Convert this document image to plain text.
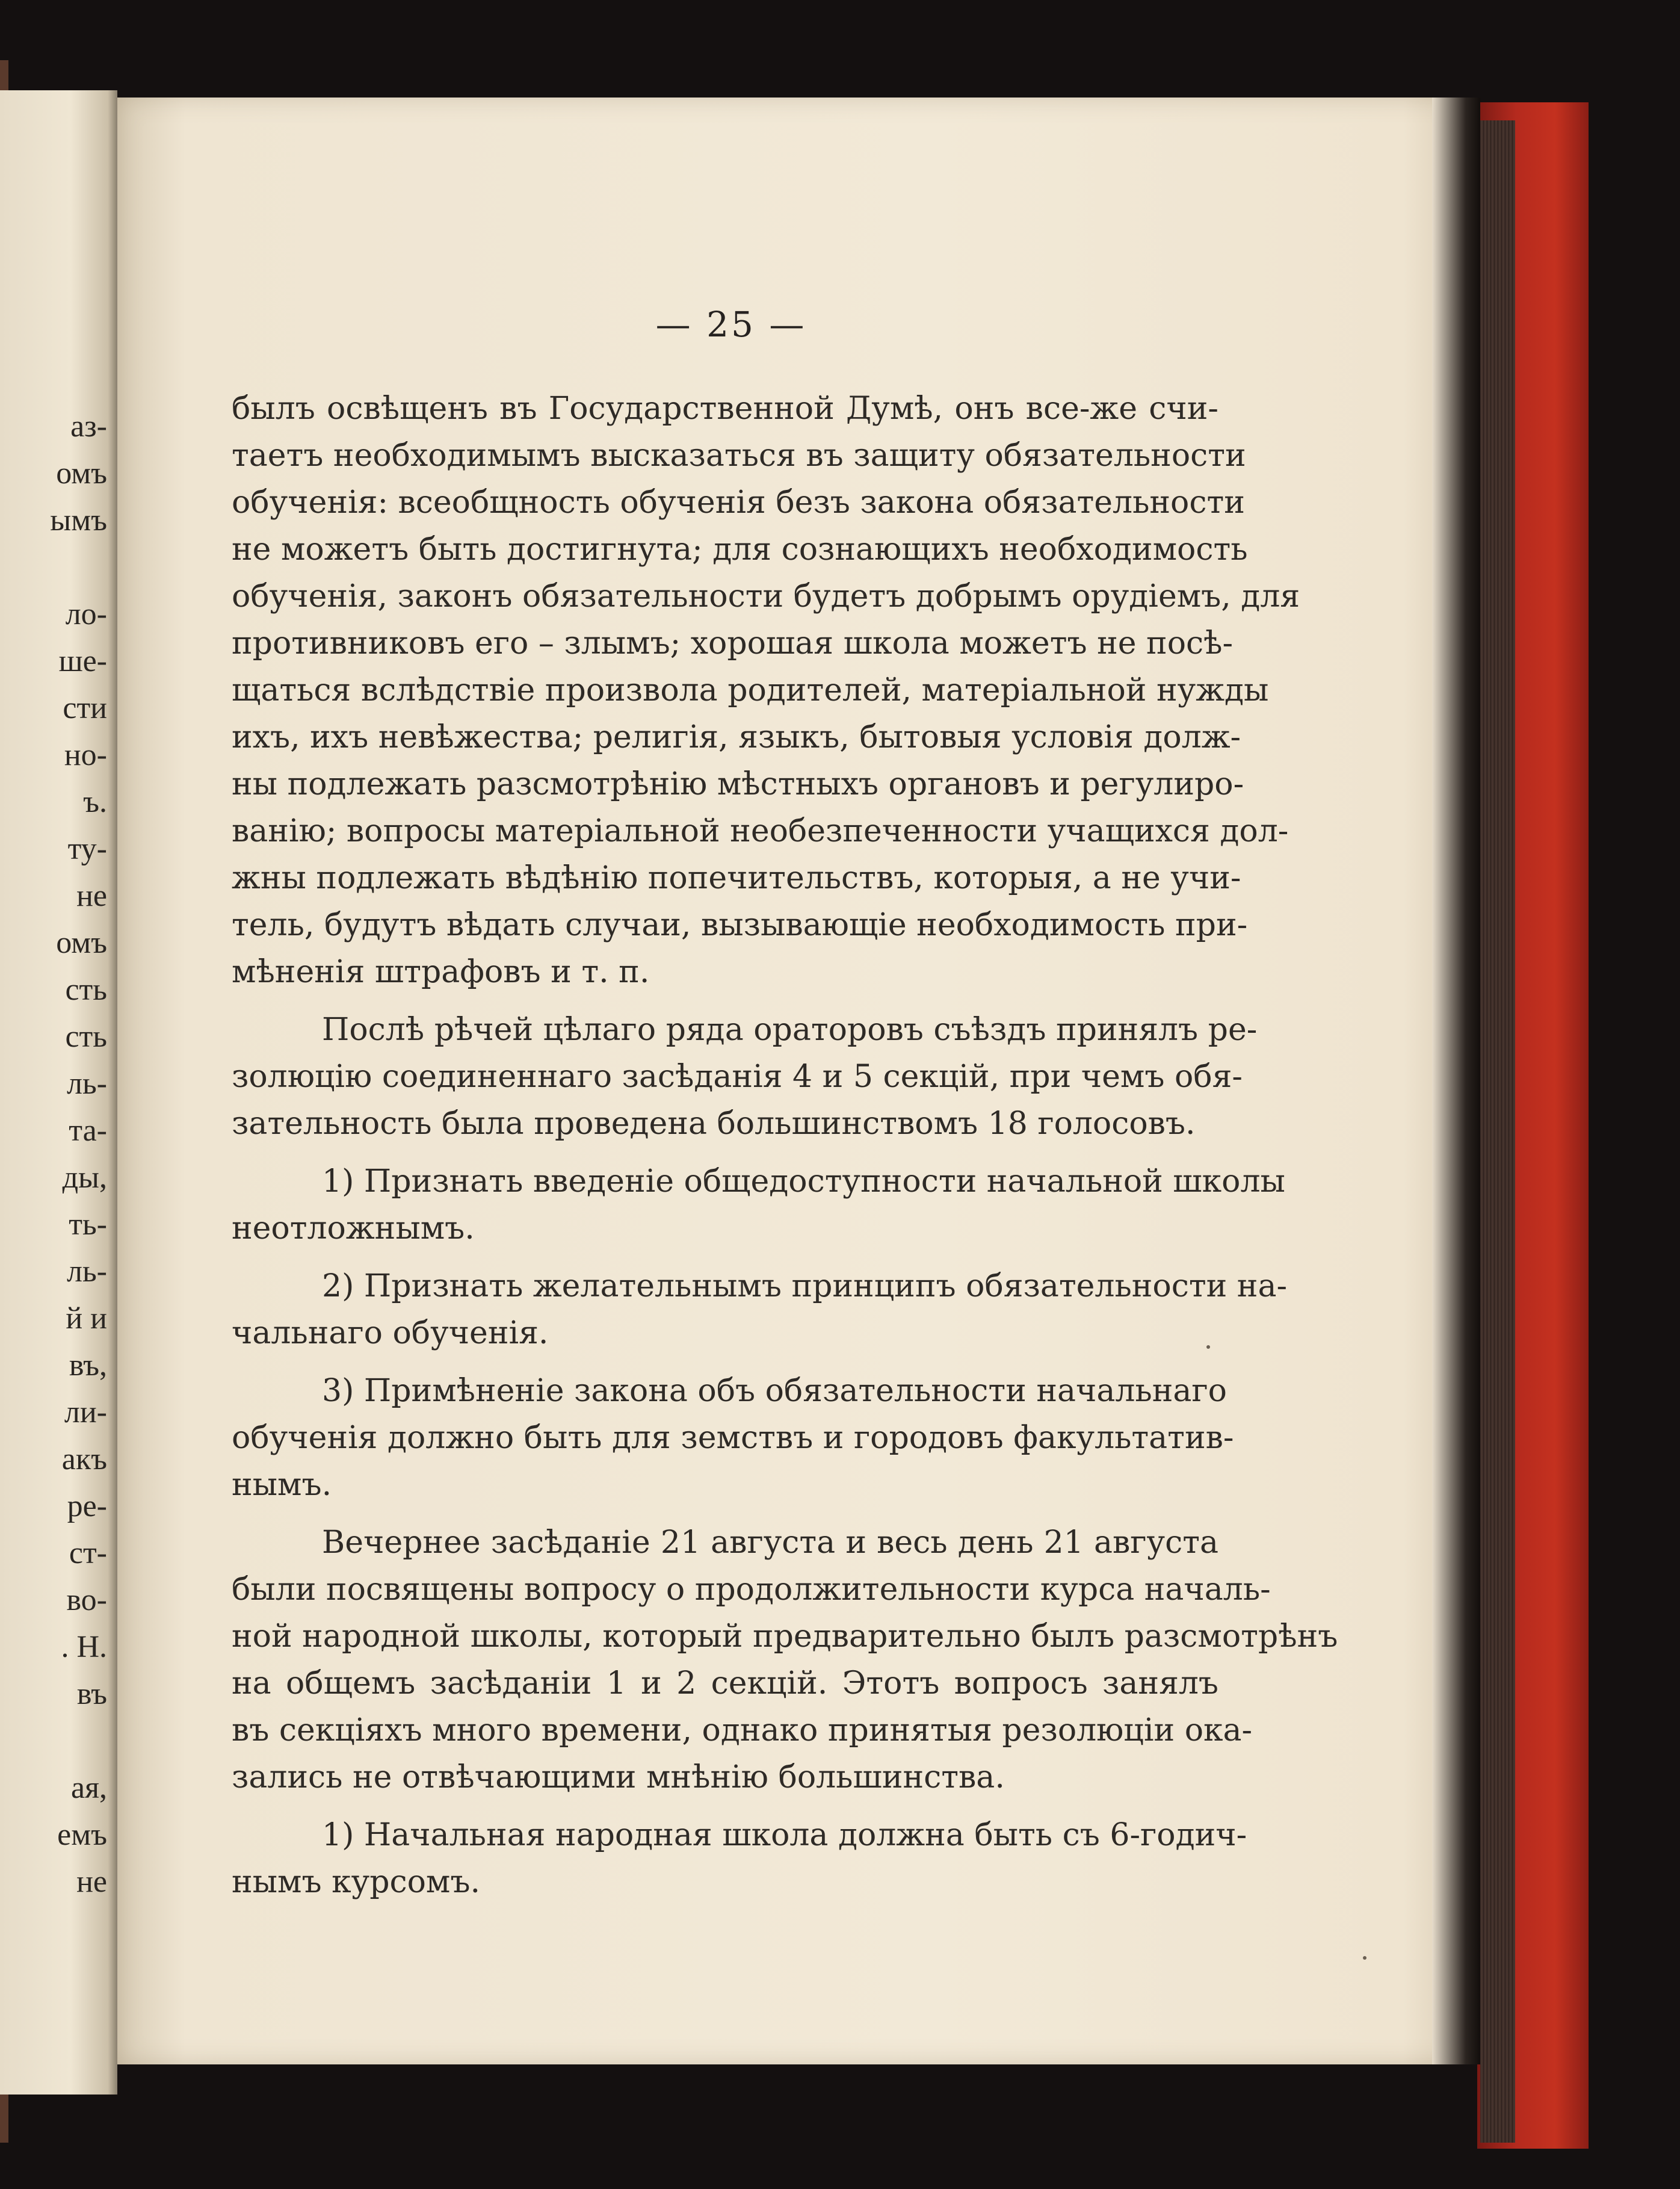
аз-
омъ
ымъ
ло-
ше-
сти
но-
ъ.
ту-
не
омъ
сть
сть
ль-
та-
ды,
ть-
ль-
й и
въ,
ли-
акъ
ре-
ст-
во-
. Н.
въ
ая,
емъ
не
— 25 —
былъ освѣщенъ въ Государственной Думѣ, онъ все-же счи-
таетъ необходимымъ высказаться въ защиту обязательности
обученія: всеобщность обученія безъ закона обязательности
не можетъ быть достигнута; для сознающихъ необходимость
обученія, законъ обязательности будетъ добрымъ орудіемъ, для
противниковъ его – злымъ; хорошая школа можетъ не посѣ-
щаться вслѣдствіе произвола родителей, матеріальной нужды
ихъ, ихъ невѣжества; религія, языкъ, бытовыя условія долж-
ны подлежать разсмотрѣнію мѣстныхъ органовъ и регулиро-
ванію; вопросы матеріальной необезпеченности учащихся дол-
жны подлежать вѣдѣнію попечительствъ, которыя, а не учи-
тель, будутъ вѣдать случаи, вызывающіе необходимость при-
мѣненія штрафовъ и т. п.
Послѣ рѣчей цѣлаго ряда ораторовъ съѣздъ принялъ ре-
золюцію соединеннаго засѣданія 4 и 5 секцій, при чемъ обя-
зательность была проведена большинствомъ 18 голосовъ.
1) Признать введеніе общедоступности начальной школы
неотложнымъ.
2) Признать желательнымъ принципъ обязательности на-
чальнаго обученія.
3) Примѣненіе закона объ обязательности начальнаго
обученія должно быть для земствъ и городовъ факультатив-
нымъ.
Вечернее засѣданіе 21 августа и весь день 21 августа
были посвящены вопросу о продолжительности курса началь-
ной народной школы, который предварительно былъ разсмотрѣнъ
на общемъ засѣданіи 1 и 2 секцій. Этотъ вопросъ занялъ
въ секціяхъ много времени, однако принятыя резолюціи ока-
зались не отвѣчающими мнѣнію большинства.
1) Начальная народная школа должна быть съ 6-годич-
нымъ курсомъ.
